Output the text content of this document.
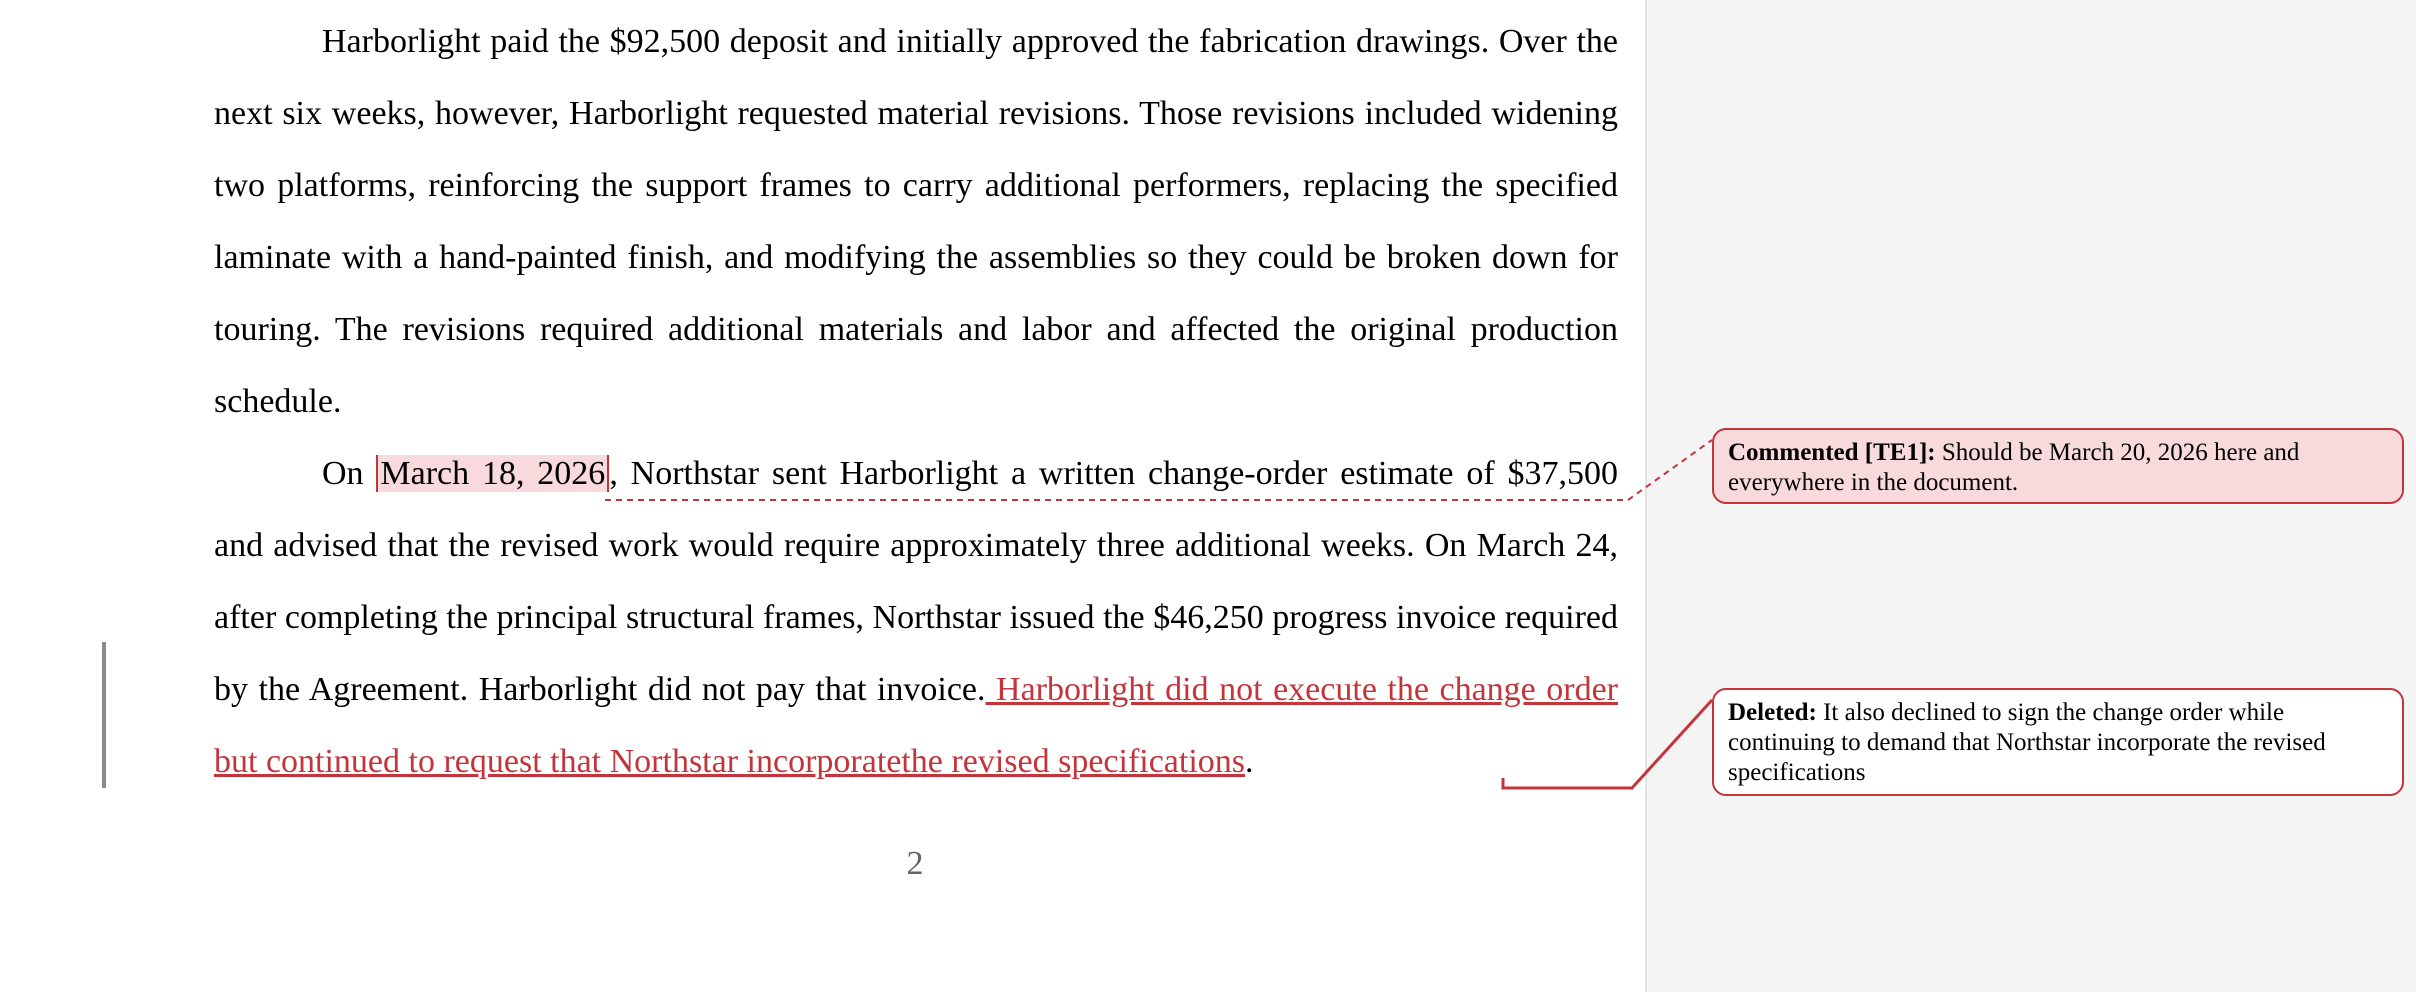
Harborlight paid the $92,500 deposit and initially approved the fabrication drawings. Over the next six weeks, however, Harborlight requested material revisions. Those revisions included widening two platforms, reinforcing the support frames to carry additional performers, replacing the specified laminate with a hand-painted finish, and modifying the assemblies so they could be broken down for touring. The revisions required additional materials and labor and affected the original production schedule.

On March 18, 2026 , Northstar sent Harborlight a written change-order estimate of $37,500 and advised that the revised work would require approximately three additional weeks. On March 24, after completing the principal structural frames, Northstar issued the $46,250 progress invoice required by the Agreement. Harborlight did not pay that invoice. Harborlight did not execute the change order but continued to request that Northstar incorporatethe revised specifications.

2
Commented [TE1]: Should be March 20, 2026 here and everywhere in the document.
Deleted: It also declined to sign the change order while continuing to demand that Northstar incorporate the revised specifications
